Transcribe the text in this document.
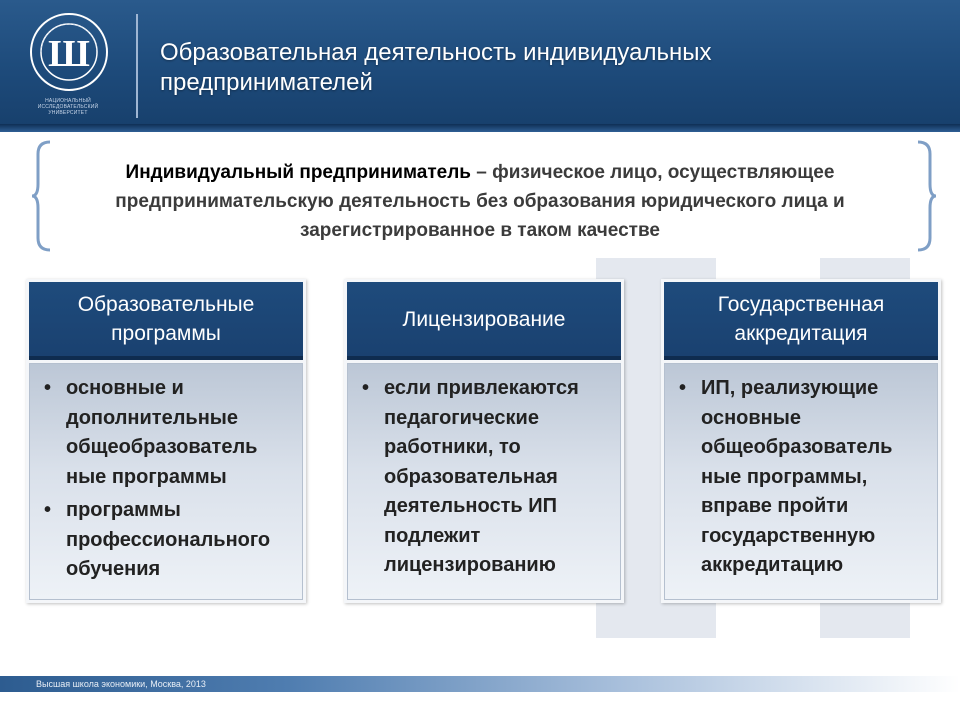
Ш
НАЦИОНАЛЬНЫЙ ИССЛЕДОВАТЕЛЬСКИЙ УНИВЕРСИТЕТ
Образовательная деятельность индивидуальных предпринимателей
Индивидуальный предприниматель – физическое лицо, осуществляющее предпринимательскую деятельность без образования юридического лица и зарегистрированное в таком качестве
Образовательные программы
• основные и дополнительные общеобразователь ные программы
• программы профессионального обучения
Лицензирование
• если привлекаются педагогические работники, то образовательная деятельность ИП подлежит лицензированию
Государственная аккредитация
• ИП, реализующие основные общеобразователь ные программы, вправе пройти государственную аккредитацию
Высшая школа экономики, Москва, 2013
